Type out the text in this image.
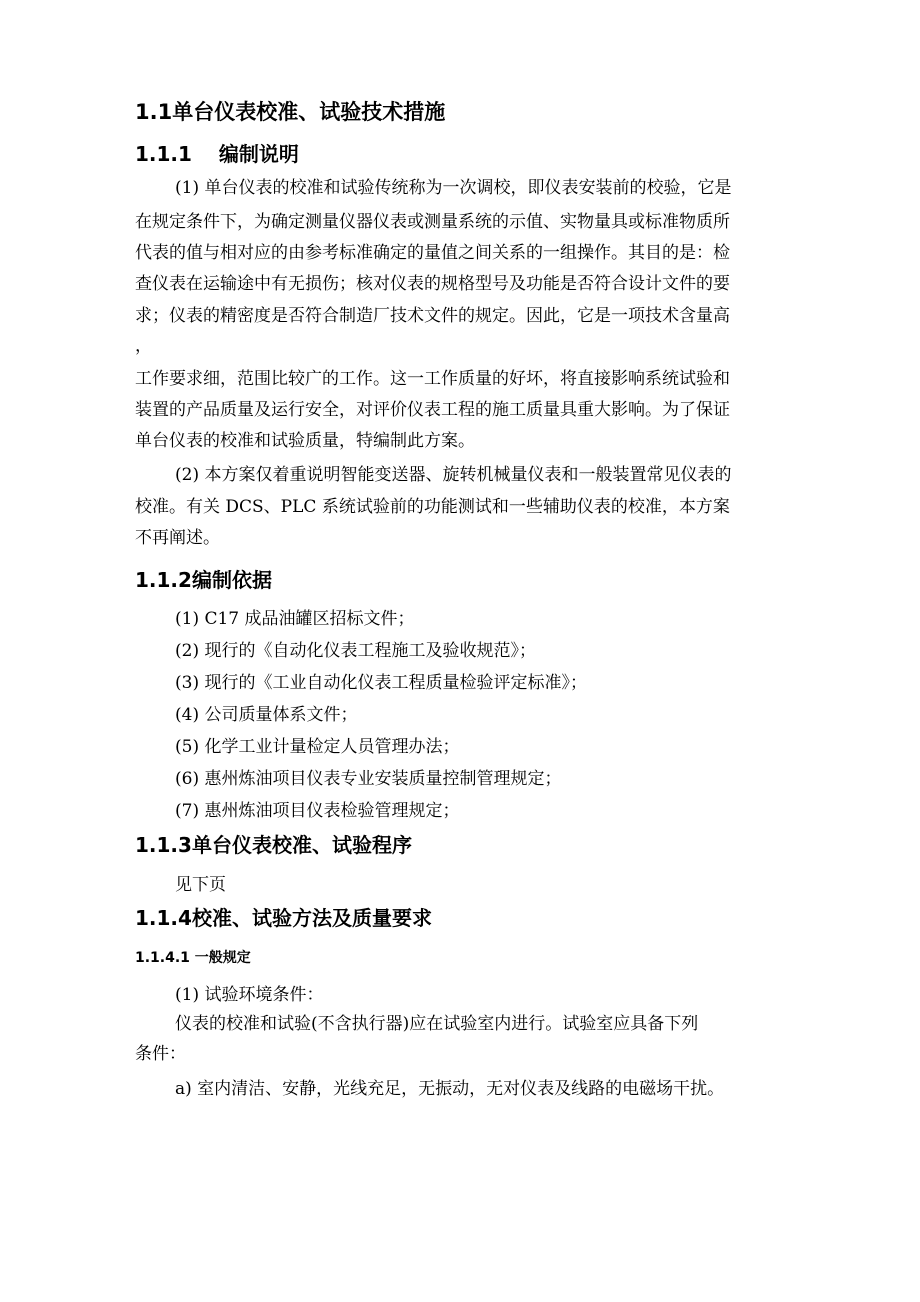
1.1单台仪表校准、试验技术措施
1.1.1　 编制说明

(1) 单台仪表的校准和试验传统称为一次调校，即仪表安装前的校验，它是

在规定条件下，为确定测量仪器仪表或测量系统的示值、实物量具或标准物质所

代表的值与相对应的由参考标准确定的量值之间关系的一组操作。其目的是：检

查仪表在运输途中有无损伤；核对仪表的规格型号及功能是否符合设计文件的要

求；仪表的精密度是否符合制造厂技术文件的规定。因此，它是一项技术含量高

，

工作要求细，范围比较广的工作。这一工作质量的好坏，将直接影响系统试验和

装置的产品质量及运行安全，对评价仪表工程的施工质量具重大影响。为了保证

单台仪表的校准和试验质量，特编制此方案。

(2) 本方案仅着重说明智能变送器、旋转机械量仪表和一般装置常见仪表的

校准。有关 DCS、PLC 系统试验前的功能测试和一些辅助仪表的校准，本方案

不再阐述。

1.1.2编制依据

(1) C17 成品油罐区招标文件；

(2) 现行的《自动化仪表工程施工及验收规范》；

(3) 现行的《工业自动化仪表工程质量检验评定标准》；

(4) 公司质量体系文件；

(5) 化学工业计量检定人员管理办法；

(6) 惠州炼油项目仪表专业安装质量控制管理规定；

(7) 惠州炼油项目仪表检验管理规定；

1.1.3单台仪表校准、试验程序

见下页

1.1.4校准、试验方法及质量要求
1.1.4.1 一般规定

(1) 试验环境条件：

仪表的校准和试验(不含执行器)应在试验室内进行。试验室应具备下列

条件：

a) 室内清洁、安静，光线充足，无振动，无对仪表及线路的电磁场干扰。
